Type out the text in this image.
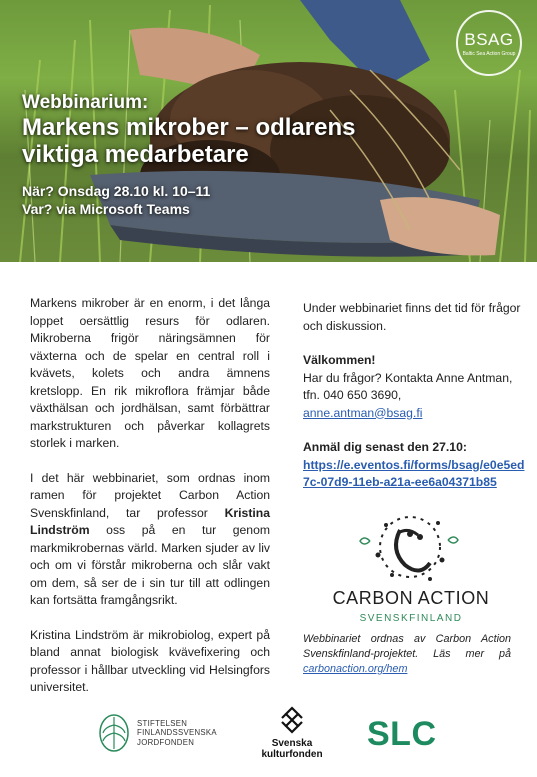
BSAG
Baltic Sea Action Group
Webbinarium:
Markens mikrober – odlarens viktiga medarbetare
När? Onsdag 28.10 kl. 10–11
Var? via Microsoft Teams

Markens mikrober är en enorm, i det långa loppet oersättlig resurs för odlaren. Mikroberna frigör näringsämnen för växterna och de spelar en central roll i kvävets, kolets och andra ämnens kretslopp. En rik mikroflora främjar både växthälsan och jordhälsan, samt förbättrar markstrukturen och påverkar kollagrets storlek i marken.

I det här webbinariet, som ordnas inom ramen för projektet Carbon Action Svenskfinland, tar professor Kristina Lindström oss på en tur genom markmikrobernas värld. Marken sjuder av liv och om vi förstår mikroberna och slår vakt om dem, så ser de i sin tur till att odlingen kan fortsätta framgångsrikt.

Kristina Lindström är mikrobiolog, expert på bland annat biologisk kvävefixering och professor i hållbar utveckling vid Helsingfors universitet.

Under webbinariet finns det tid för frågor och diskussion.

Välkommen!
Har du frågor? Kontakta Anne Antman, tfn. 040 650 3690,
anne.antman@bsag.fi

Anmäl dig senast den 27.10:
https://e.eventos.fi/forms/bsag/e0e5ed7c-07d9-11eb-a21a-ee6a04371b85

CARBON ACTION
SVENSKFINLAND
Webbinariet ordnas av Carbon Action Svenskfinland-projektet. Läs mer på carbonaction.org/hem
STIFTELSEN
FINLANDSSVENSKA
JORDFONDEN	Svenska
kulturfonden
SLC
